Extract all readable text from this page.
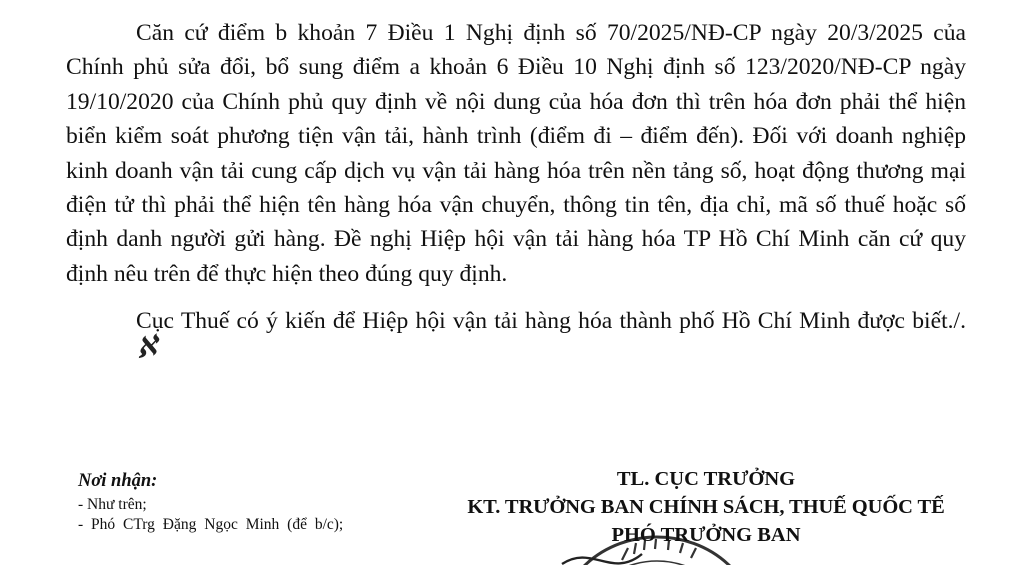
Căn cứ điểm b khoản 7 Điều 1 Nghị định số 70/2025/NĐ-CP ngày 20/3/2025 của Chính phủ sửa đổi, bổ sung điểm a khoản 6 Điều 10 Nghị định số 123/2020/NĐ-CP ngày 19/10/2020 của Chính phủ quy định về nội dung của hóa đơn thì trên hóa đơn phải thể hiện biển kiểm soát phương tiện vận tải, hành trình (điểm đi – điểm đến). Đối với doanh nghiệp kinh doanh vận tải cung cấp dịch vụ vận tải hàng hóa trên nền tảng số, hoạt động thương mại điện tử thì phải thể hiện tên hàng hóa vận chuyển, thông tin tên, địa chỉ, mã số thuế hoặc số định danh người gửi hàng. Đề nghị Hiệp hội vận tải hàng hóa TP Hồ Chí Minh căn cứ quy định nêu trên để thực hiện theo đúng quy định.

Cục Thuế có ý kiến để Hiệp hội vận tải hàng hóa thành phố Hồ Chí Minh được biết./.ℵ

Nơi nhận:
- Như trên;
- Phó CTrg Đặng Ngọc Minh (để b/c);
TL. CỤC TRƯỞNG
KT. TRƯỞNG BAN CHÍNH SÁCH, THUẾ QUỐC TẾ
PHÓ TRƯỞNG BAN
